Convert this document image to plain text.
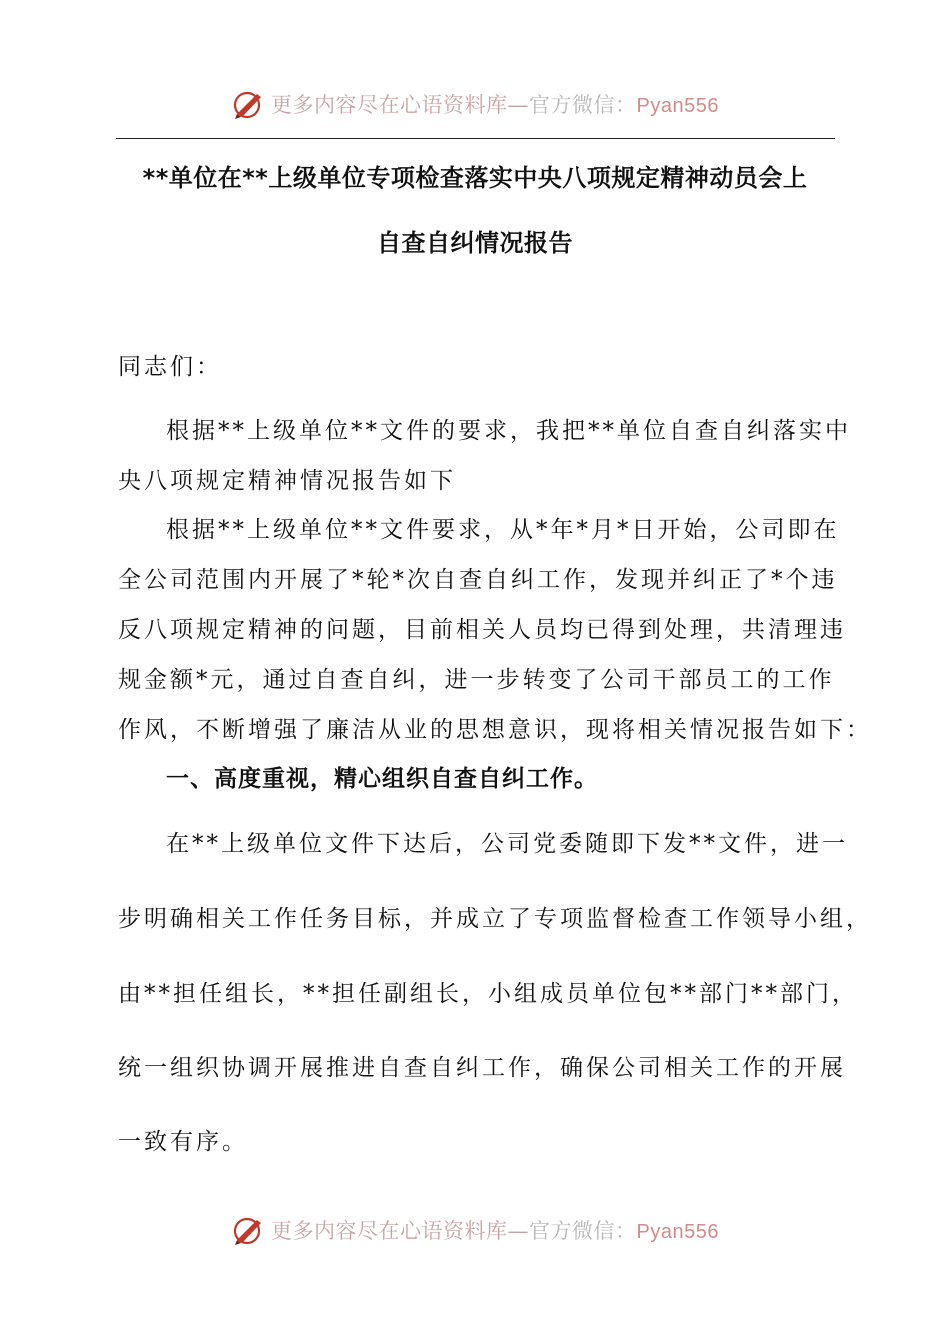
更多内容尽在心语资料库—官方微信：Pyan556
**单位在**上级单位专项检查落实中央八项规定精神动员会上
自查自纠情况报告
同志们：
根据**上级单位**文件的要求，我把**单位自查自纠落实中
央八项规定精神情况报告如下
根据**上级单位**文件要求，从*年*月*日开始，公司即在
全公司范围内开展了*轮*次自查自纠工作，发现并纠正了*个违
反八项规定精神的问题，目前相关人员均已得到处理，共清理违
规金额*元，通过自查自纠，进一步转变了公司干部员工的工作
作风，不断增强了廉洁从业的思想意识，现将相关情况报告如下：
一、高度重视，精心组织自查自纠工作。
在**上级单位文件下达后，公司党委随即下发**文件，进一
步明确相关工作任务目标，并成立了专项监督检查工作领导小组，
由**担任组长，**担任副组长，小组成员单位包**部门**部门，
统一组织协调开展推进自查自纠工作，确保公司相关工作的开展
一致有序。
更多内容尽在心语资料库—官方微信：Pyan556
